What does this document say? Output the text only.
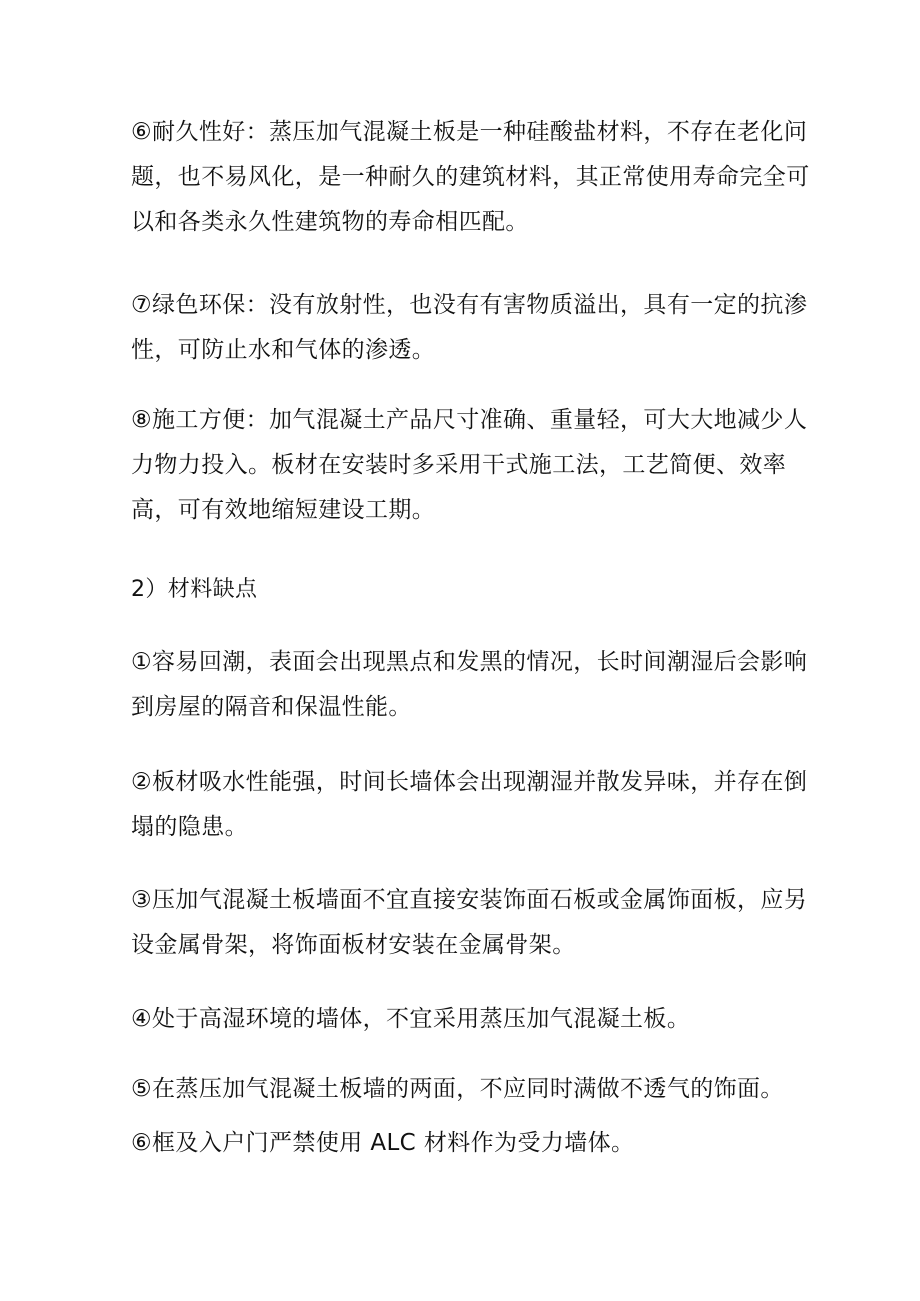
⑥耐久性好：蒸压加气混凝土板是一种硅酸盐材料，不存在老化问题，也不易风化，是一种耐久的建筑材料，其正常使用寿命完全可以和各类永久性建筑物的寿命相匹配。

⑦绿色环保：没有放射性，也没有有害物质溢出，具有一定的抗渗性，可防止水和气体的渗透。

⑧施工方便：加气混凝土产品尺寸准确、重量轻，可大大地减少人力物力投入。板材在安装时多采用干式施工法，工艺简便、效率高，可有效地缩短建设工期。

2）材料缺点

①容易回潮，表面会出现黑点和发黑的情况，长时间潮湿后会影响到房屋的隔音和保温性能。

②板材吸水性能强，时间长墙体会出现潮湿并散发异味，并存在倒塌的隐患。

③压加气混凝土板墙面不宜直接安装饰面石板或金属饰面板，应另设金属骨架，将饰面板材安装在金属骨架。

④处于高湿环境的墙体，不宜采用蒸压加气混凝土板。

⑤在蒸压加气混凝土板墙的两面，不应同时满做不透气的饰面。

⑥框及入户门严禁使用 ALC 材料作为受力墙体。
